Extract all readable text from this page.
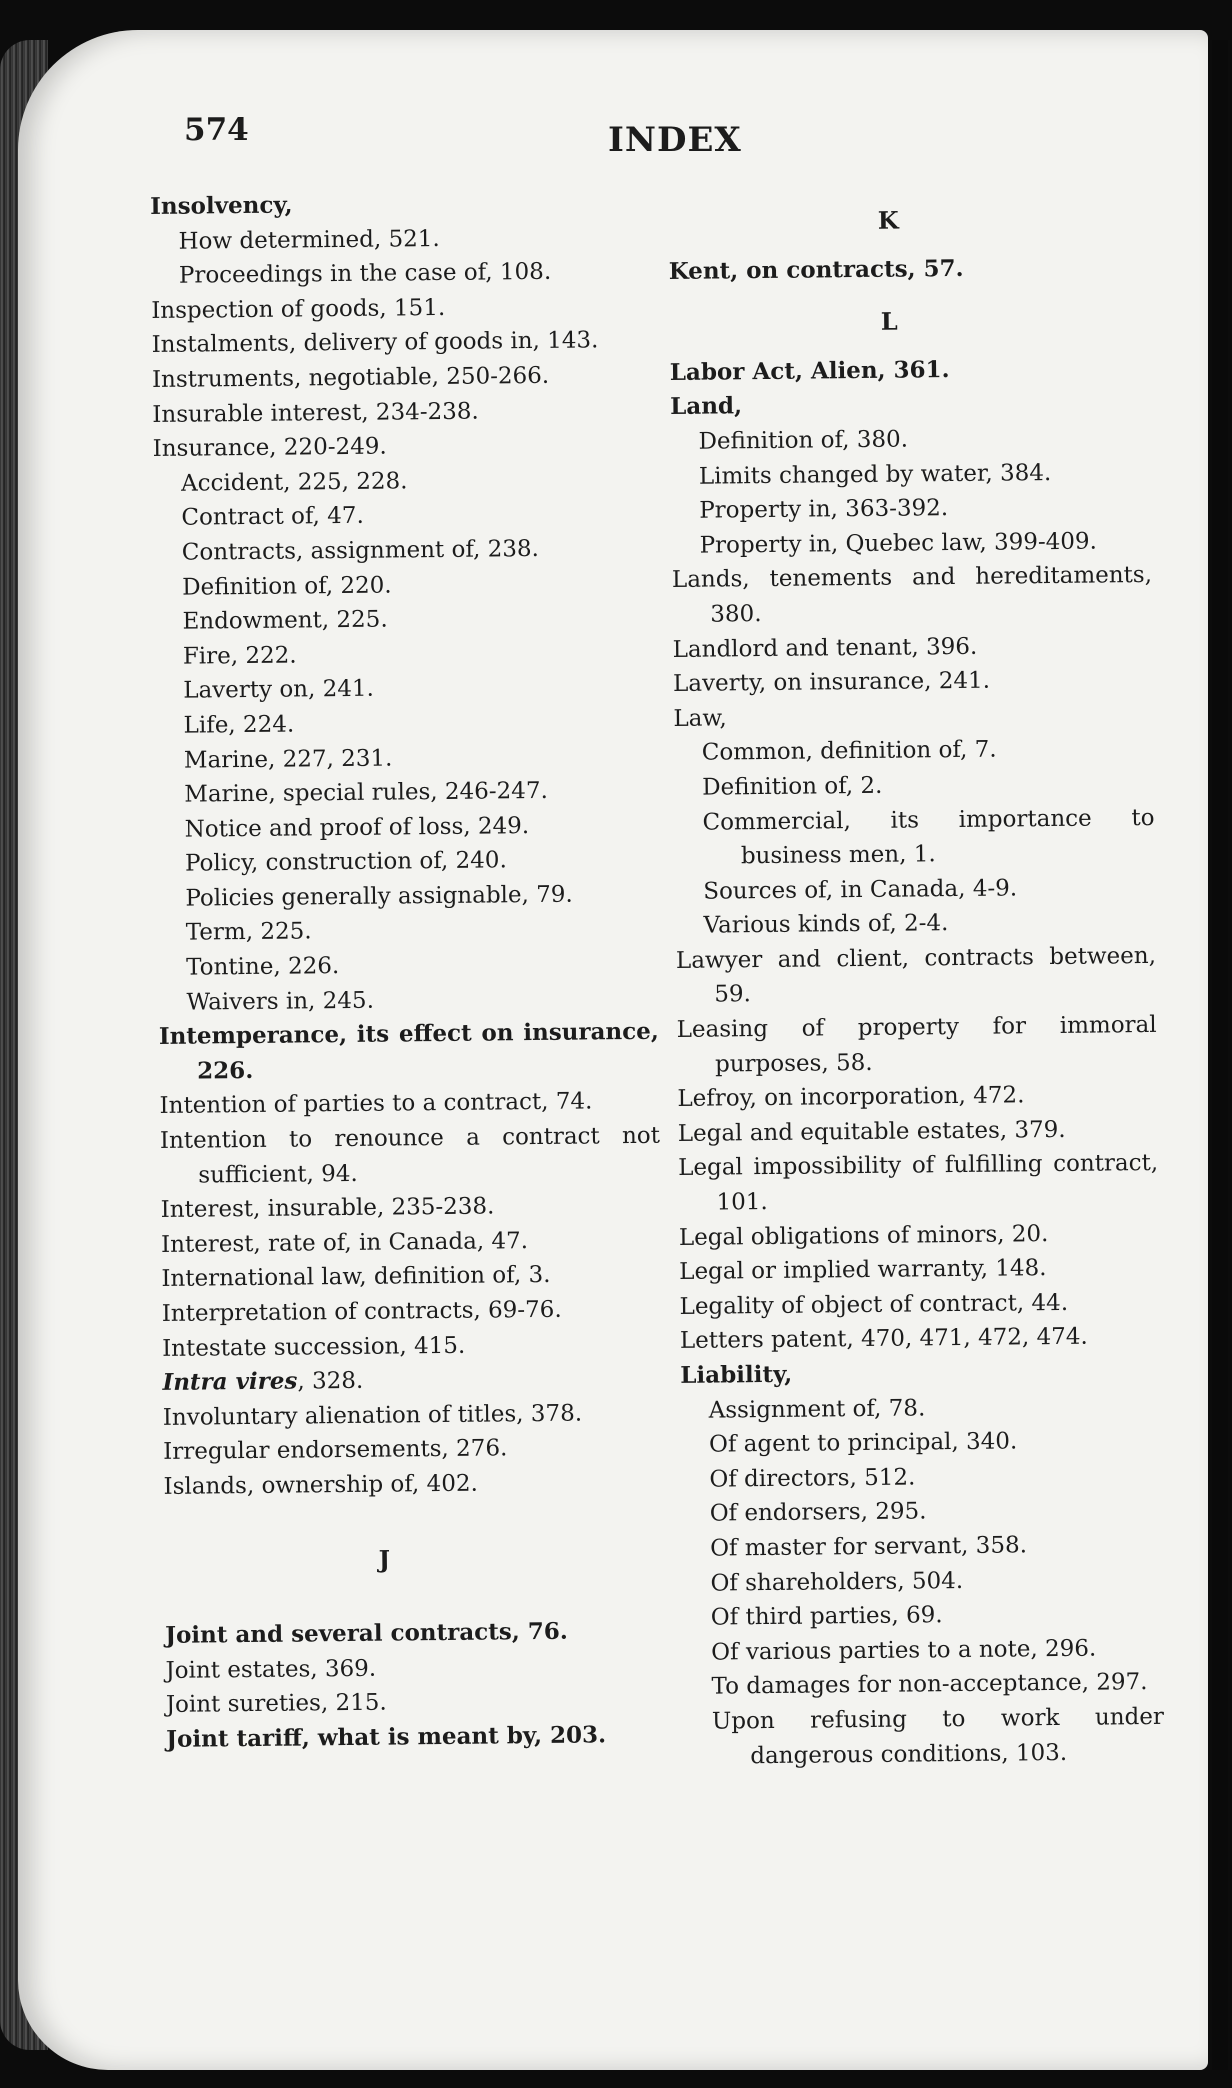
574	INDEX
Insolvency,
How determined, 521.
Proceedings in the case of, 108.
Inspection of goods, 151.
Instalments, delivery of goods in, 143.
Instruments, negotiable, 250-266.
Insurable interest, 234-238.
Insurance, 220-249.
Accident, 225, 228.
Contract of, 47.
Contracts, assignment of, 238.
Definition of, 220.
Endowment, 225.
Fire, 222.
Laverty on, 241.
Life, 224.
Marine, 227, 231.
Marine, special rules, 246-247.
Notice and proof of loss, 249.
Policy, construction of, 240.
Policies generally assignable, 79.
Term, 225.
Tontine, 226.
Waivers in, 245.
Intemperance, its effect on insurance, 226.
Intention of parties to a contract, 74.
Intention to renounce a contract not sufficient, 94.
Interest, insurable, 235-238.
Interest, rate of, in Canada, 47.
International law, definition of, 3.
Interpretation of contracts, 69-76.
Intestate succession, 415.
Intra vires, 328.
Involuntary alienation of titles, 378.
Irregular endorsements, 276.
Islands, ownership of, 402.
J
Joint and several contracts, 76.
Joint estates, 369.
Joint sureties, 215.
Joint tariff, what is meant by, 203.
K
Kent, on contracts, 57.
L
Labor Act, Alien, 361.
Land,
Definition of, 380.
Limits changed by water, 384.
Property in, 363-392.
Property in, Quebec law, 399-409.
Lands, tenements and hereditaments, 380.
Landlord and tenant, 396.
Laverty, on insurance, 241.
Law,
Common, definition of, 7.
Definition of, 2.
Commercial, its importance to business men, 1.
Sources of, in Canada, 4-9.
Various kinds of, 2-4.
Lawyer and client, contracts between, 59.
Leasing of property for immoral purposes, 58.
Lefroy, on incorporation, 472.
Legal and equitable estates, 379.
Legal impossibility of fulfilling contract, 101.
Legal obligations of minors, 20.
Legal or implied warranty, 148.
Legality of object of contract, 44.
Letters patent, 470, 471, 472, 474.
Liability,
Assignment of, 78.
Of agent to principal, 340.
Of directors, 512.
Of endorsers, 295.
Of master for servant, 358.
Of shareholders, 504.
Of third parties, 69.
Of various parties to a note, 296.
To damages for non-acceptance, 297.
Upon refusing to work under dangerous conditions, 103.
